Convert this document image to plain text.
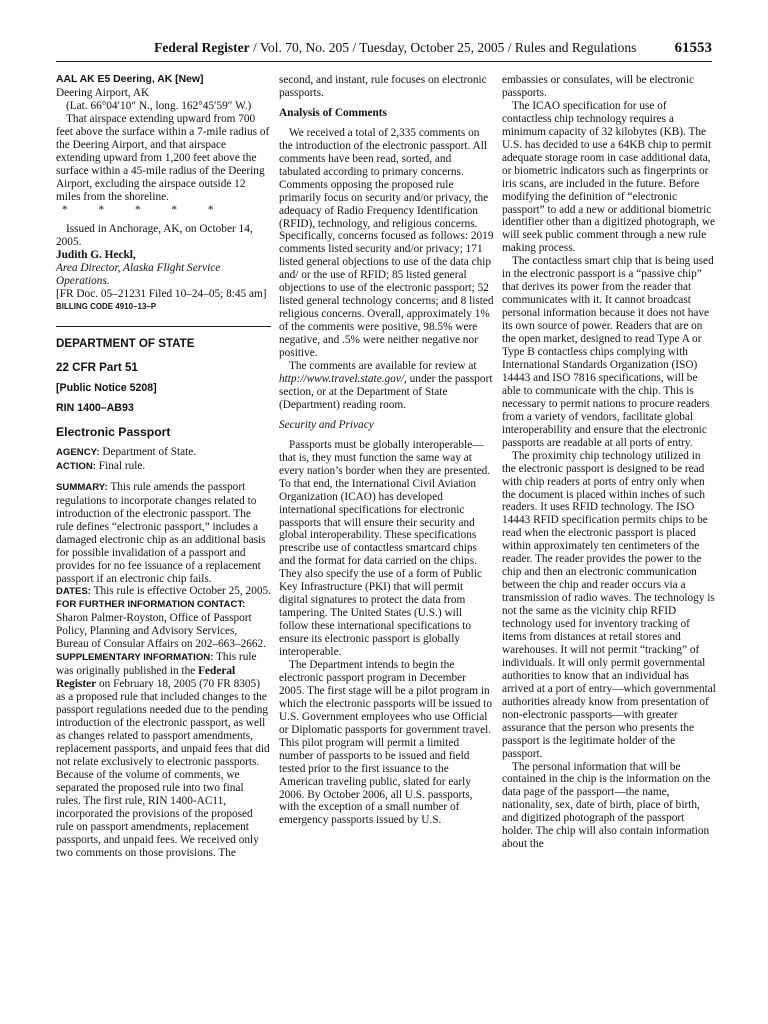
Federal Register / Vol. 70, No. 205 / Tuesday, October 25, 2005 / Rules and Regulations	61553

AAL AK E5 Deering, AK [New]

Deering Airport, AK

(Lat. 66°04′10″ N., long. 162°45′59″ W.)

That airspace extending upward from 700 feet above the surface within a 7-mile radius of the Deering Airport, and that airspace extending upward from 1,200 feet above the surface within a 45-mile radius of the Deering Airport, excluding the airspace outside 12 miles from the shoreline.

* * * * *

Issued in Anchorage, AK, on October 14, 2005.

Judith G. Heckl,

Area Director, Alaska Flight Service Operations.

[FR Doc. 05–21231 Filed 10–24–05; 8:45 am]

BILLING CODE 4910–13–P

DEPARTMENT OF STATE

22 CFR Part 51

[Public Notice 5208]

RIN 1400–AB93

Electronic Passport

AGENCY: Department of State.

ACTION: Final rule.

SUMMARY: This rule amends the passport regulations to incorporate changes related to introduction of the electronic passport. The rule defines “electronic passport,” includes a damaged electronic chip as an additional basis for possible invalidation of a passport and provides for no fee issuance of a replacement passport if an electronic chip fails.

DATES: This rule is effective October 25, 2005.

FOR FURTHER INFORMATION CONTACT:

Sharon Palmer-Royston, Office of Passport Policy, Planning and Advisory Services, Bureau of Consular Affairs on 202–663–2662.

SUPPLEMENTARY INFORMATION: This rule was originally published in the Federal Register on February 18, 2005 (70 FR 8305) as a proposed rule that included changes to the passport regulations needed due to the pending introduction of the electronic passport, as well as changes related to passport amendments, replacement passports, and unpaid fees that did not relate exclusively to electronic passports. Because of the volume of comments, we separated the proposed rule into two final rules. The first rule, RIN 1400-AC11, incorporated the provisions of the proposed rule on passport amendments, replacement passports, and unpaid fees. We received only two comments on those provisions. The

second, and instant, rule focuses on electronic passports.

Analysis of Comments

We received a total of 2,335 comments on the introduction of the electronic passport. All comments have been read, sorted, and tabulated according to primary concerns. Comments opposing the proposed rule primarily focus on security and/or privacy, the adequacy of Radio Frequency Identification (RFID), technology, and religious concerns. Specifically, concerns focused as follows: 2019 comments listed security and/or privacy; 171 listed general objections to use of the data chip and/ or the use of RFID; 85 listed general objections to use of the electronic passport; 52 listed general technology concerns; and 8 listed religious concerns. Overall, approximately 1% of the comments were positive, 98.5% were negative, and .5% were neither negative nor positive.

The comments are available for review at http://www.travel.state.gov/, under the passport section, or at the Department of State (Department) reading room.

Security and Privacy

Passports must be globally interoperable—that is, they must function the same way at every nation’s border when they are presented. To that end, the International Civil Aviation Organization (ICAO) has developed international specifications for electronic passports that will ensure their security and global interoperability. These specifications prescribe use of contactless smartcard chips and the format for data carried on the chips. They also specify the use of a form of Public Key Infrastructure (PKI) that will permit digital signatures to protect the data from tampering. The United States (U.S.) will follow these international specifications to ensure its electronic passport is globally interoperable.

The Department intends to begin the electronic passport program in December 2005. The first stage will be a pilot program in which the electronic passports will be issued to U.S. Government employees who use Official or Diplomatic passports for government travel. This pilot program will permit a limited number of passports to be issued and field tested prior to the first issuance to the American traveling public, slated for early 2006. By October 2006, all U.S. passports, with the exception of a small number of emergency passports issued by U.S.

embassies or consulates, will be electronic passports.

The ICAO specification for use of contactless chip technology requires a minimum capacity of 32 kilobytes (KB). The U.S. has decided to use a 64KB chip to permit adequate storage room in case additional data, or biometric indicators such as fingerprints or iris scans, are included in the future. Before modifying the definition of “electronic passport” to add a new or additional biometric identifier other than a digitized photograph, we will seek public comment through a new rule making process.

The contactless smart chip that is being used in the electronic passport is a “passive chip” that derives its power from the reader that communicates with it. It cannot broadcast personal information because it does not have its own source of power. Readers that are on the open market, designed to read Type A or Type B contactless chips complying with International Standards Organization (ISO) 14443 and ISO 7816 specifications, will be able to communicate with the chip. This is necessary to permit nations to procure readers from a variety of vendors, facilitate global interoperability and ensure that the electronic passports are readable at all ports of entry.

The proximity chip technology utilized in the electronic passport is designed to be read with chip readers at ports of entry only when the document is placed within inches of such readers. It uses RFID technology. The ISO 14443 RFID specification permits chips to be read when the electronic passport is placed within approximately ten centimeters of the reader. The reader provides the power to the chip and then an electronic communication between the chip and reader occurs via a transmission of radio waves. The technology is not the same as the vicinity chip RFID technology used for inventory tracking of items from distances at retail stores and warehouses. It will not permit “tracking” of individuals. It will only permit governmental authorities to know that an individual has arrived at a port of entry—which governmental authorities already know from presentation of non-electronic passports—with greater assurance that the person who presents the passport is the legitimate holder of the passport.

The personal information that will be contained in the chip is the information on the data page of the passport—the name, nationality, sex, date of birth, place of birth, and digitized photograph of the passport holder. The chip will also contain information about the
